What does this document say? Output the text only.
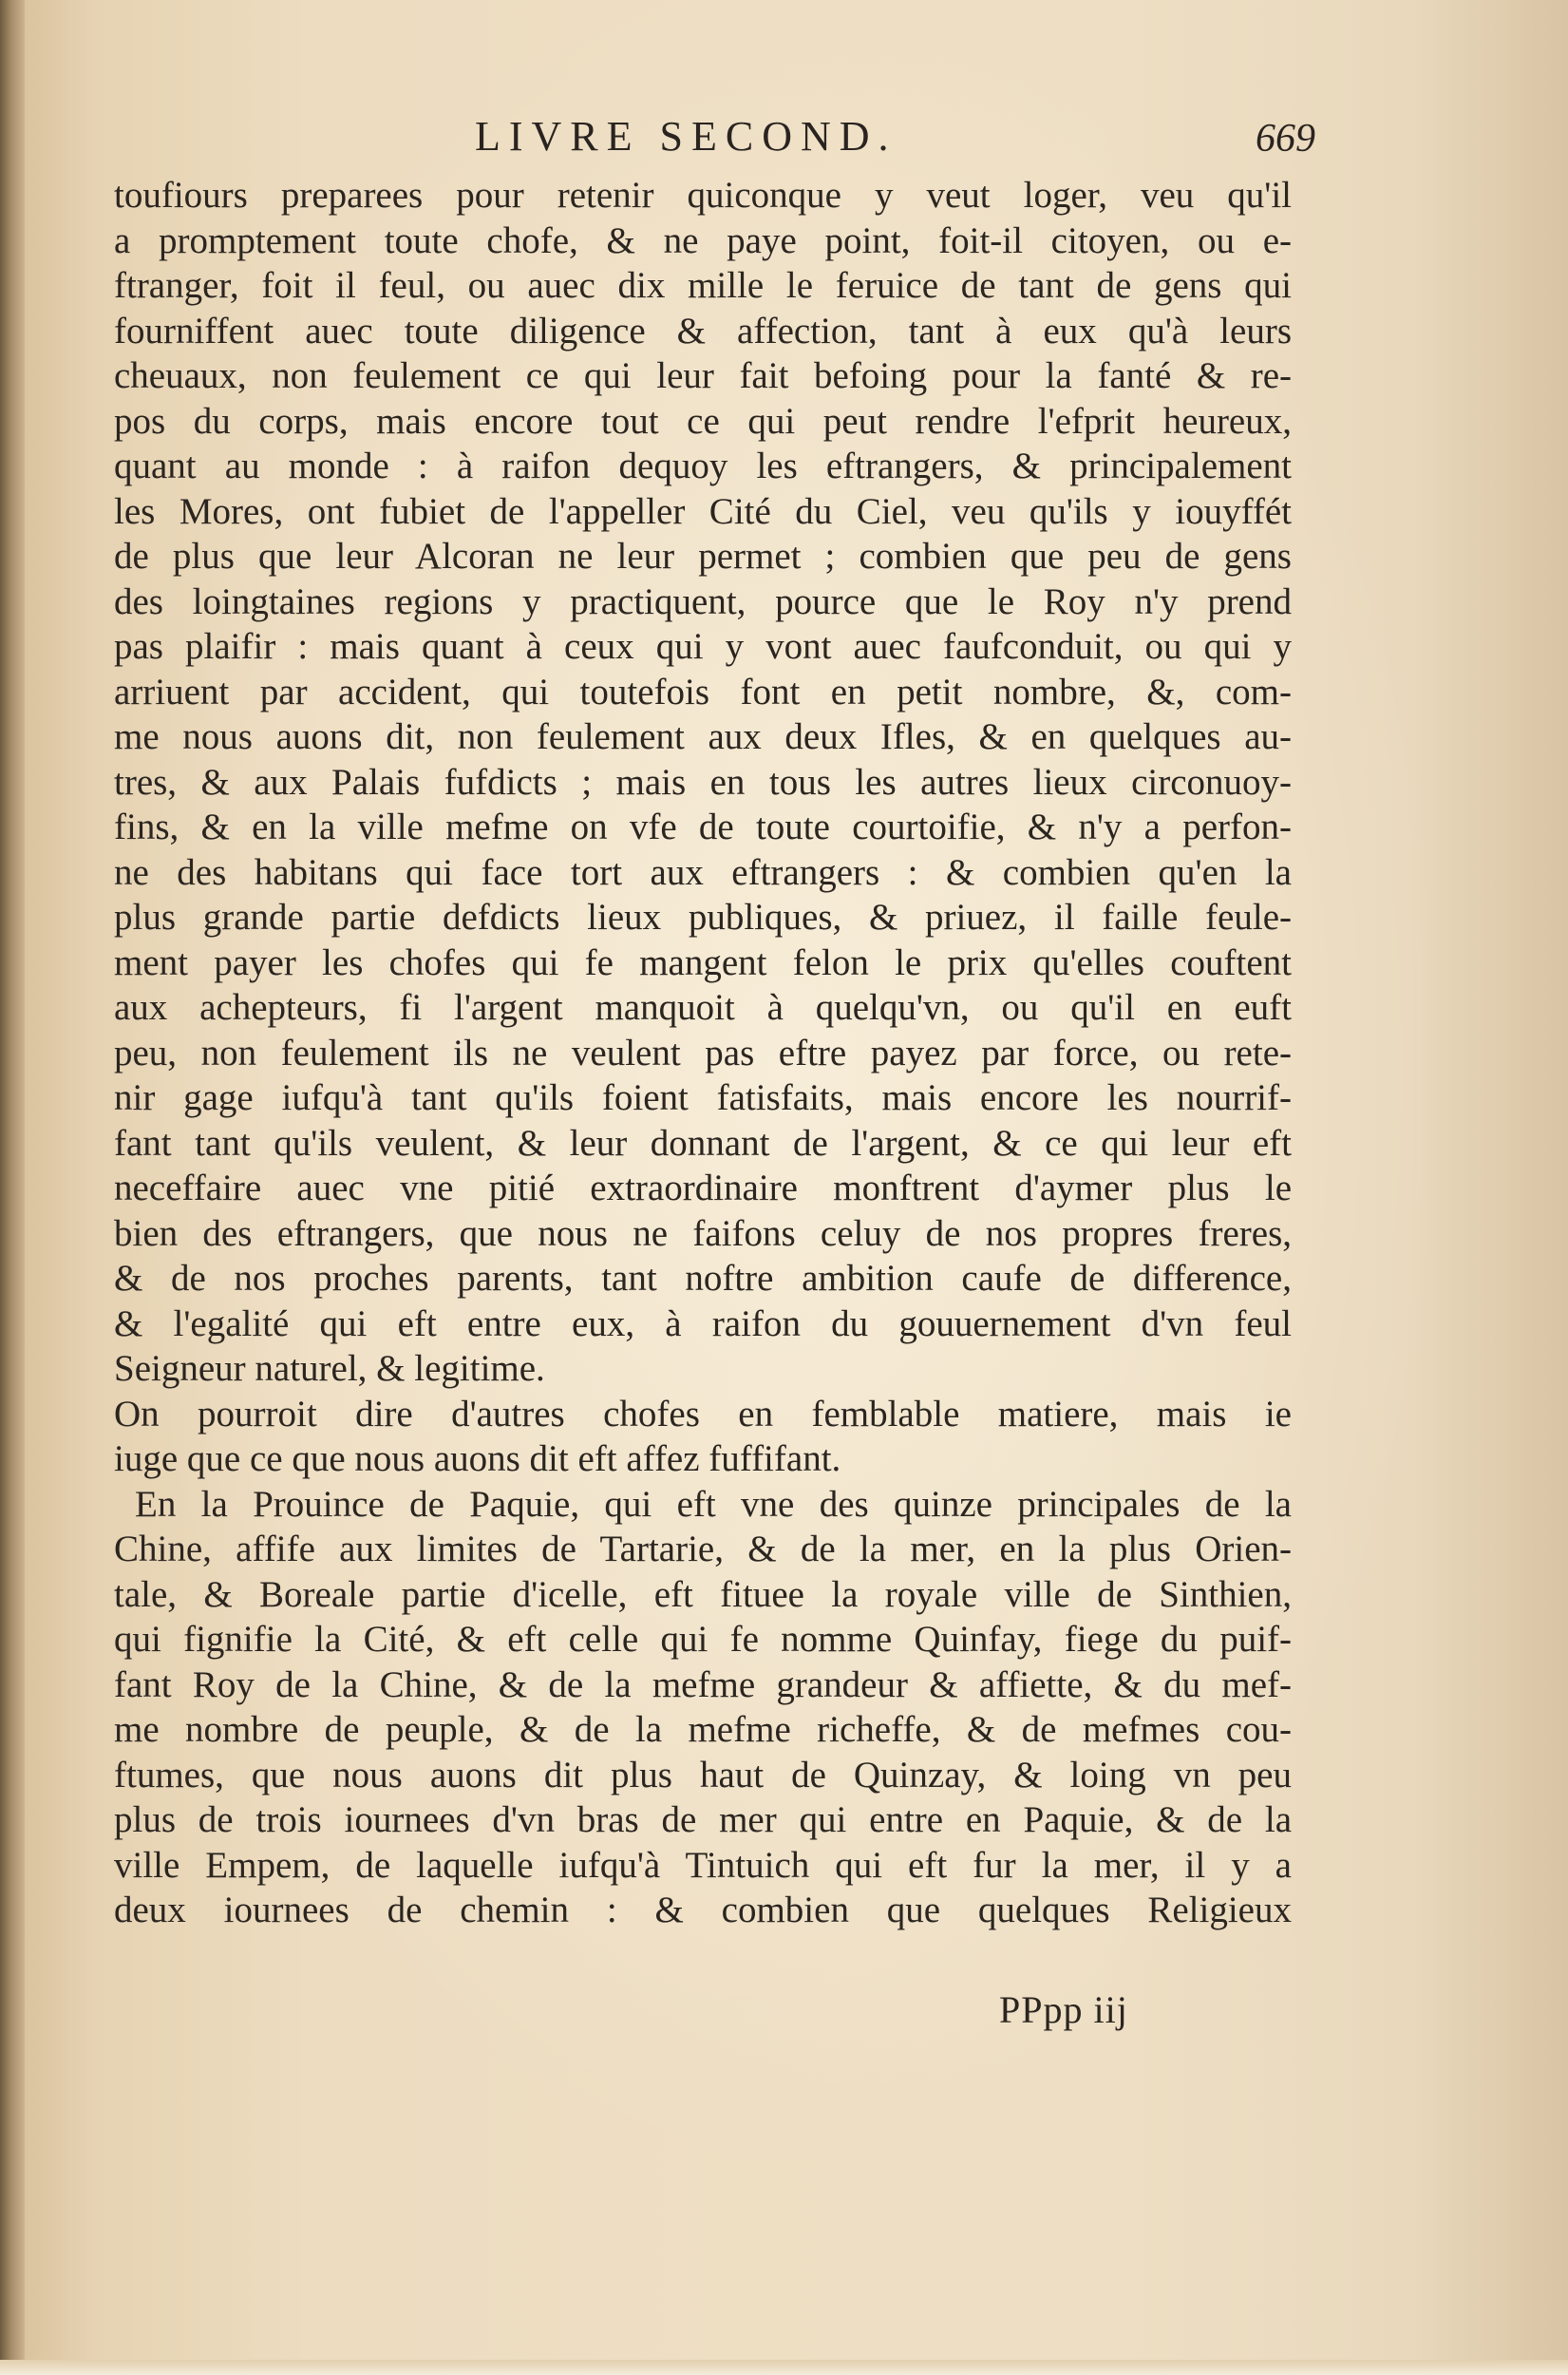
LIVRE SECOND.	669
toufiours preparees pour retenir quiconque y veut loger, veu qu'il
a promptement toute chofe, & ne paye point, foit-il citoyen, ou e-
ftranger, foit il feul, ou auec dix mille le feruice de tant de gens qui
fourniffent auec toute diligence & affection, tant à eux qu'à leurs
cheuaux, non feulement ce qui leur fait befoing pour la fanté & re-
pos du corps, mais encore tout ce qui peut rendre l'efprit heureux,
quant au monde : à raifon dequoy les eftrangers, & principalement
les Mores, ont fubiet de l'appeller Cité du Ciel, veu qu'ils y iouyffét
de plus que leur Alcoran ne leur permet ; combien que peu de gens
des loingtaines regions y practiquent, pource que le Roy n'y prend
pas plaifir : mais quant à ceux qui y vont auec faufconduit, ou qui y
arriuent par accident, qui toutefois font en petit nombre, &, com-
me nous auons dit, non feulement aux deux Ifles, & en quelques au-
tres, & aux Palais fufdicts ; mais en tous les autres lieux circonuoy-
fins, & en la ville mefme on vfe de toute courtoifie, & n'y a perfon-
ne des habitans qui face tort aux eftrangers : & combien qu'en la
plus grande partie defdicts lieux publiques, & priuez, il faille feule-
ment payer les chofes qui fe mangent felon le prix qu'elles couftent
aux achepteurs, fi l'argent manquoit à quelqu'vn, ou qu'il en euft
peu, non feulement ils ne veulent pas eftre payez par force, ou rete-
nir gage iufqu'à tant qu'ils foient fatisfaits, mais encore les nourrif-
fant tant qu'ils veulent, & leur donnant de l'argent, & ce qui leur eft
neceffaire auec vne pitié extraordinaire monftrent d'aymer plus le
bien des eftrangers, que nous ne faifons celuy de nos propres freres,
& de nos proches parents, tant noftre ambition caufe de difference,
& l'egalité qui eft entre eux, à raifon du gouuernement d'vn feul
Seigneur naturel, & legitime.
On pourroit dire d'autres chofes en femblable matiere, mais ie
iuge que ce que nous auons dit eft affez fuffifant.
En la Prouince de Paquie, qui eft vne des quinze principales de la
Chine, affife aux limites de Tartarie, & de la mer, en la plus Orien-
tale, & Boreale partie d'icelle, eft fituee la royale ville de Sinthien,
qui fignifie la Cité, & eft celle qui fe nomme Quinfay, fiege du puif-
fant Roy de la Chine, & de la mefme grandeur & affiette, & du mef-
me nombre de peuple, & de la mefme richeffe, & de mefmes cou-
ftumes, que nous auons dit plus haut de Quinzay, & loing vn peu
plus de trois iournees d'vn bras de mer qui entre en Paquie, & de la
ville Empem, de laquelle iufqu'à Tintuich qui eft fur la mer, il y a
deux iournees de chemin : & combien que quelques Religieux
PPpp iij
